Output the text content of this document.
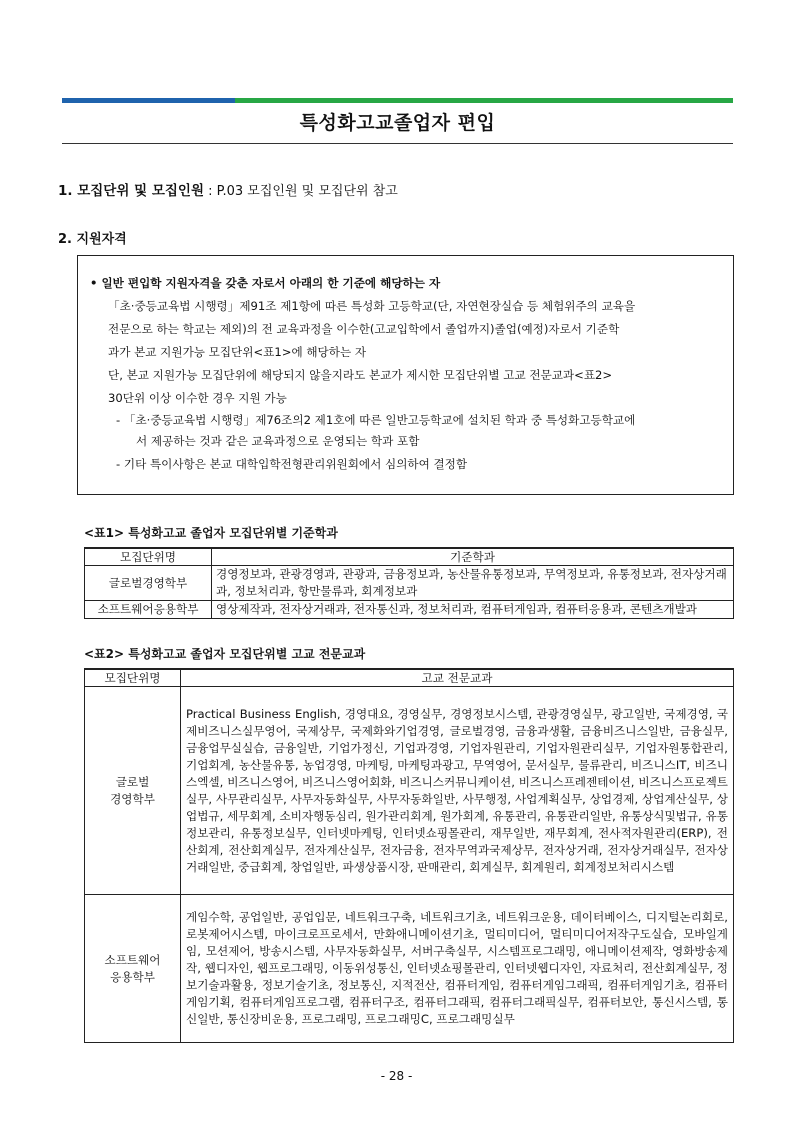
특성화고교졸업자 편입
1. 모집단위 및 모집인원 : P.03 모집인원 및 모집단위 참고
2. 지원자격
• 일반 편입학 지원자격을 갖춘 자로서 아래의 한 기준에 해당하는 자
「초·중등교육법 시행령」제91조 제1항에 따른 특성화 고등학교(단, 자연현장실습 등 체험위주의 교육을
전문으로 하는 학교는 제외)의 전 교육과정을 이수한(고교입학에서 졸업까지)졸업(예정)자로서 기준학
과가 본교 지원가능 모집단위<표1>에 해당하는 자
단, 본교 지원가능 모집단위에 해당되지 않을지라도 본교가 제시한 모집단위별 고교 전문교과<표2>
30단위 이상 이수한 경우 지원 가능
- 「초·중등교육법 시행령」제76조의2 제1호에 따른 일반고등학교에 설치된 학과 중 특성화고등학교에
서 제공하는 것과 같은 교육과정으로 운영되는 학과 포함
- 기타 특이사항은 본교 대학입학전형관리위원회에서 심의하여 결정함
<표1> 특성화고교 졸업자 모집단위별 기준학과
모집단위명	기준학과
글로벌경영학부	경영정보과, 관광경영과, 관광과, 금융정보과, 농산물유통정보과, 무역정보과, 유통정보과, 전자상거래과, 정보처리과, 항만물류과, 회계정보과
소프트웨어응용학부	영상제작과, 전자상거래과, 전자통신과, 정보처리과, 컴퓨터게임과, 컴퓨터응용과, 콘텐츠개발과
<표2> 특성화고교 졸업자 모집단위별 고교 전문교과
모집단위명	고교 전문교과
글로벌
경영학부	Practical Business English, 경영대요, 경영실무, 경영정보시스템, 관광경영실무, 광고일반, 국제경영, 국제비즈니스실무영어, 국제상무, 국제화와기업경영, 글로벌경영, 금융과생활, 금융비즈니스일반, 금융실무, 금융업무실실습, 금융일반, 기업가정신, 기업과경영, 기업자원관리, 기업자원관리실무, 기업자원통합관리, 기업회계, 농산물유통, 농업경영, 마케팅, 마케팅과광고, 무역영어, 문서실무, 물류관리, 비즈니스IT, 비즈니스엑셀, 비즈니스영어, 비즈니스영어회화, 비즈니스커뮤니케이션, 비즈니스프레젠테이션, 비즈니스프로젝트실무, 사무관리실무, 사무자동화실무, 사무자동화일반, 사무행정, 사업계획실무, 상업경제, 상업계산실무, 상업법규, 세무회계, 소비자행동심리, 원가관리회계, 원가회계, 유통관리, 유통관리일반, 유통상식및법규, 유통정보관리, 유통정보실무, 인터넷마케팅, 인터넷쇼핑몰관리, 재무일반, 재무회계, 전사적자원관리(ERP), 전산회계, 전산회계실무, 전자계산실무, 전자금융, 전자무역과국제상무, 전자상거래, 전자상거래실무, 전자상거래일반, 중급회계, 창업일반, 파생상품시장, 판매관리, 회계실무, 회계원리, 회계정보처리시스템
소프트웨어
응용학부	게임수학, 공업일반, 공업입문, 네트워크구축, 네트워크기초, 네트워크운용, 데이터베이스, 디지털논리회로, 로봇제어시스템, 마이크로프로세서, 만화애니메이션기초, 멀티미디어, 멀티미디어저작구도실습, 모바일게임, 모션제어, 방송시스템, 사무자동화실무, 서버구축실무, 시스템프로그래밍, 애니메이션제작, 영화방송제작, 웹디자인, 웹프로그래밍, 이동위성통신, 인터넷쇼핑몰관리, 인터넷웹디자인, 자료처리, 전산회계실무, 정보기술과활용, 정보기술기초, 정보통신, 지적전산, 컴퓨터게임, 컴퓨터게임그래픽, 컴퓨터게임기초, 컴퓨터게임기획, 컴퓨터게임프로그램, 컴퓨터구조, 컴퓨터그래픽, 컴퓨터그래픽실무, 컴퓨터보안, 통신시스템, 통신일반, 통신장비운용, 프로그래밍, 프로그래밍C, 프로그래밍실무
- 28 -
